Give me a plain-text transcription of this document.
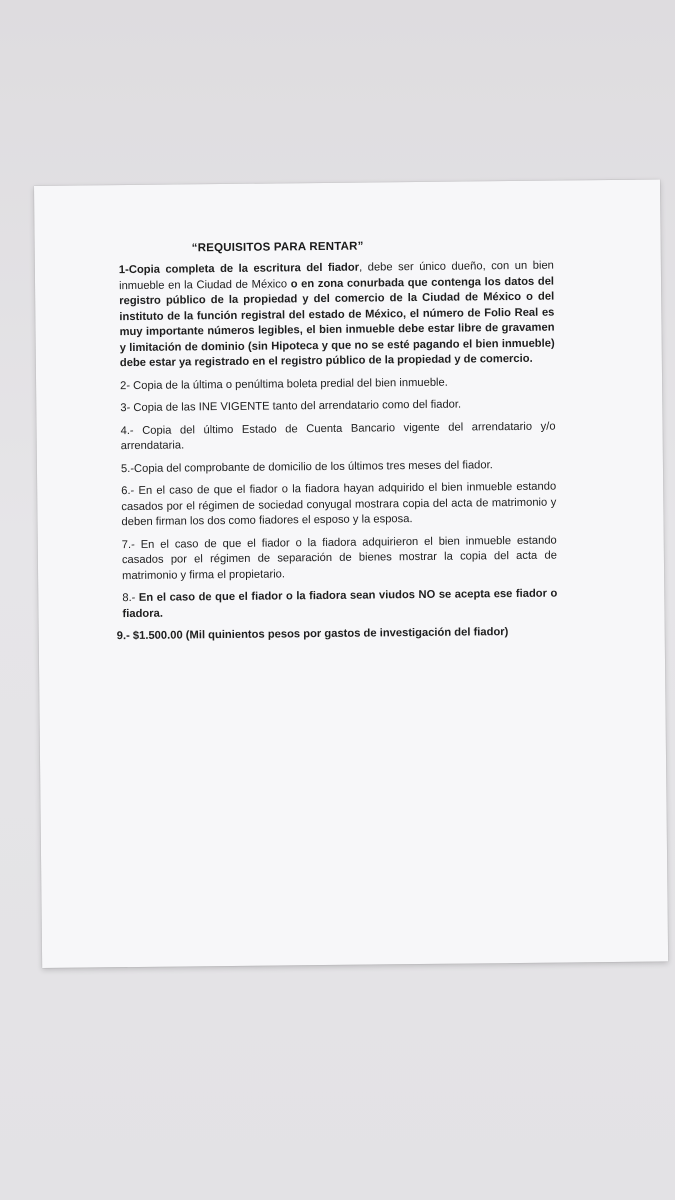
“REQUISITOS PARA RENTAR”

1-Copia completa de la escritura del fiador, debe ser único dueño, con un bien inmueble en la Ciudad de México o en zona conurbada que contenga los datos del registro público de la propiedad y del comercio de la Ciudad de México o del instituto de la función registral del estado de México, el número de Folio Real es muy importante números legibles, el bien inmueble debe estar libre de gravamen y limitación de dominio (sin Hipoteca y que no se esté pagando el bien inmueble) debe estar ya registrado en el registro público de la propiedad y de comercio.

2- Copia de la última o penúltima boleta predial del bien inmueble.

3- Copia de las INE VIGENTE tanto del arrendatario como del fiador.

4.- Copia del último Estado de Cuenta Bancario vigente del arrendatario y/o arrendataria.

5.-Copia del comprobante de domicilio de los últimos tres meses del fiador.

6.- En el caso de que el fiador o la fiadora hayan adquirido el bien inmueble estando casados por el régimen de sociedad conyugal mostrara copia del acta de matrimonio y deben firman los dos como fiadores el esposo y la esposa.

7.- En el caso de que el fiador o la fiadora adquirieron el bien inmueble estando casados por el régimen de separación de bienes mostrar la copia del acta de matrimonio y firma el propietario.

8.- En el caso de que el fiador o la fiadora sean viudos NO se acepta ese fiador o fiadora.

9.- $1.500.00 (Mil quinientos pesos por gastos de investigación del fiador)
